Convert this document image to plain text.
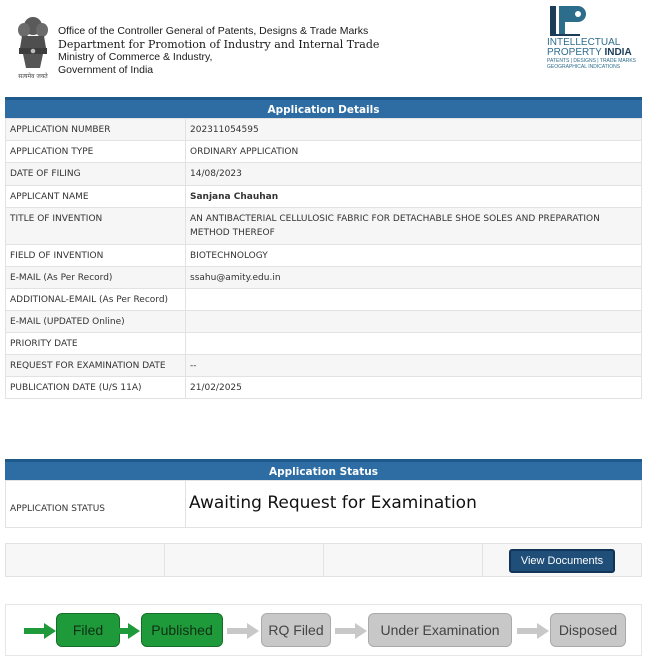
सत्यमेव जयते
Office of the Controller General of Patents, Designs & Trade Marks
Department for Promotion of Industry and Internal Trade
Ministry of Commerce & Industry,
Government of India
INTELLECTUAL
PROPERTY INDIA
PATENTS | DESIGNS | TRADE MARKS
GEOGRAPHICAL INDICATIONS
Application Details
APPLICATION NUMBER	202311054595
APPLICATION TYPE	ORDINARY APPLICATION
DATE OF FILING	14/08/2023
APPLICANT NAME	Sanjana Chauhan
TITLE OF INVENTION	AN ANTIBACTERIAL CELLULOSIC FABRIC FOR DETACHABLE SHOE SOLES AND PREPARATION METHOD THEREOF
FIELD OF INVENTION	BIOTECHNOLOGY
E-MAIL (As Per Record)	ssahu@amity.edu.in
ADDITIONAL-EMAIL (As Per Record)	
E-MAIL (UPDATED Online)	
PRIORITY DATE	
REQUEST FOR EXAMINATION DATE	--
PUBLICATION DATE (U/S 11A)	21/02/2025
Application Status
APPLICATION STATUS	Awaiting Request for Examination
View Documents
Filed	Published	RQ Filed	Under Examination	Disposed
